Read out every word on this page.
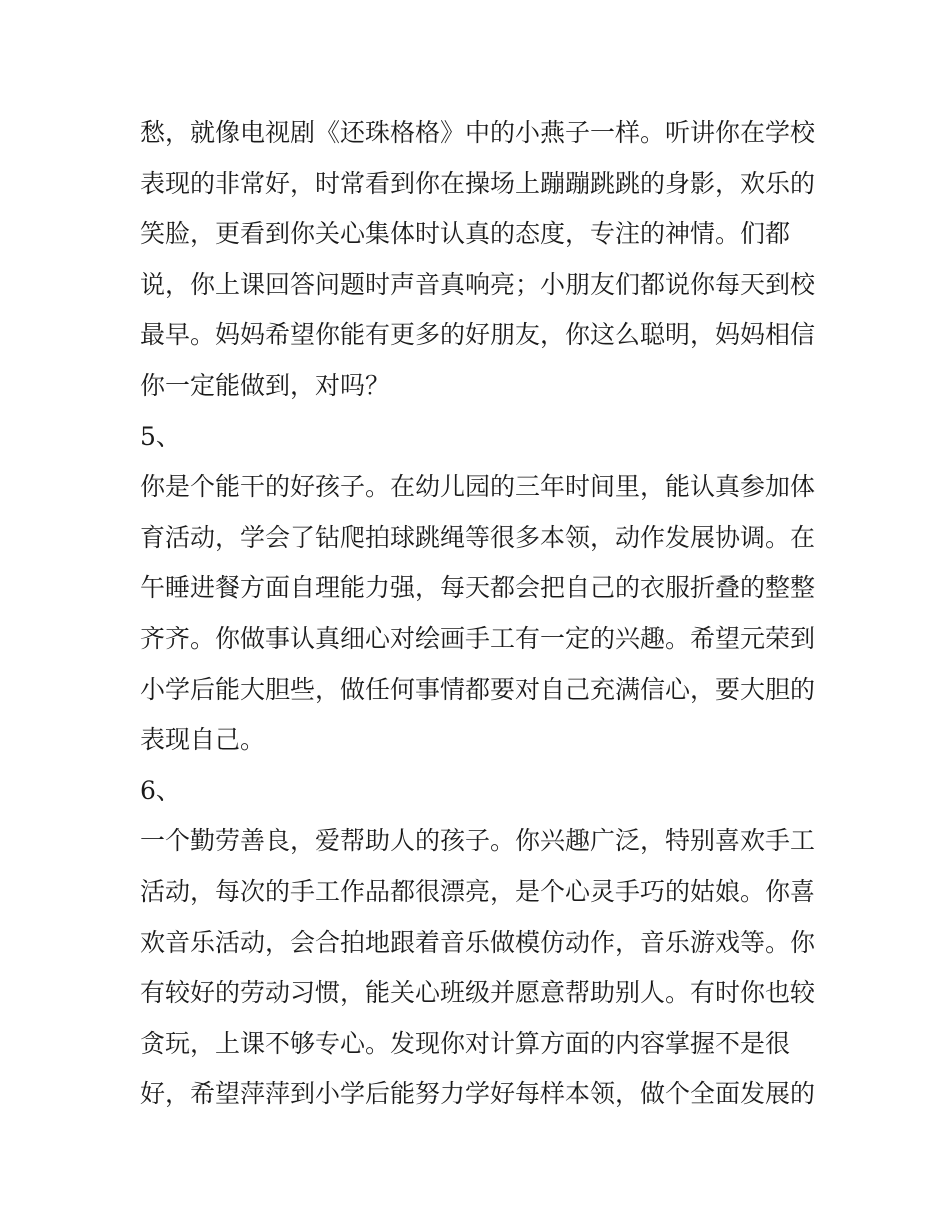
愁，就像电视剧《还珠格格》中的小燕子一样。听讲你在学校
表现的非常好，时常看到你在操场上蹦蹦跳跳的身影，欢乐的
笑脸，更看到你关心集体时认真的态度，专注的神情。们都
说，你上课回答问题时声音真响亮；小朋友们都说你每天到校
最早。妈妈希望你能有更多的好朋友，你这么聪明，妈妈相信
你一定能做到，对吗？
5、
你是个能干的好孩子。在幼儿园的三年时间里，能认真参加体
育活动，学会了钻爬拍球跳绳等很多本领，动作发展协调。在
午睡进餐方面自理能力强，每天都会把自己的衣服折叠的整整
齐齐。你做事认真细心对绘画手工有一定的兴趣。希望元荣到
小学后能大胆些，做任何事情都要对自己充满信心，要大胆的
表现自己。
6、
一个勤劳善良，爱帮助人的孩子。你兴趣广泛，特别喜欢手工
活动，每次的手工作品都很漂亮，是个心灵手巧的姑娘。你喜
欢音乐活动，会合拍地跟着音乐做模仿动作，音乐游戏等。你
有较好的劳动习惯，能关心班级并愿意帮助别人。有时你也较
贪玩，上课不够专心。发现你对计算方面的内容掌握不是很
好，希望萍萍到小学后能努力学好每样本领，做个全面发展的
